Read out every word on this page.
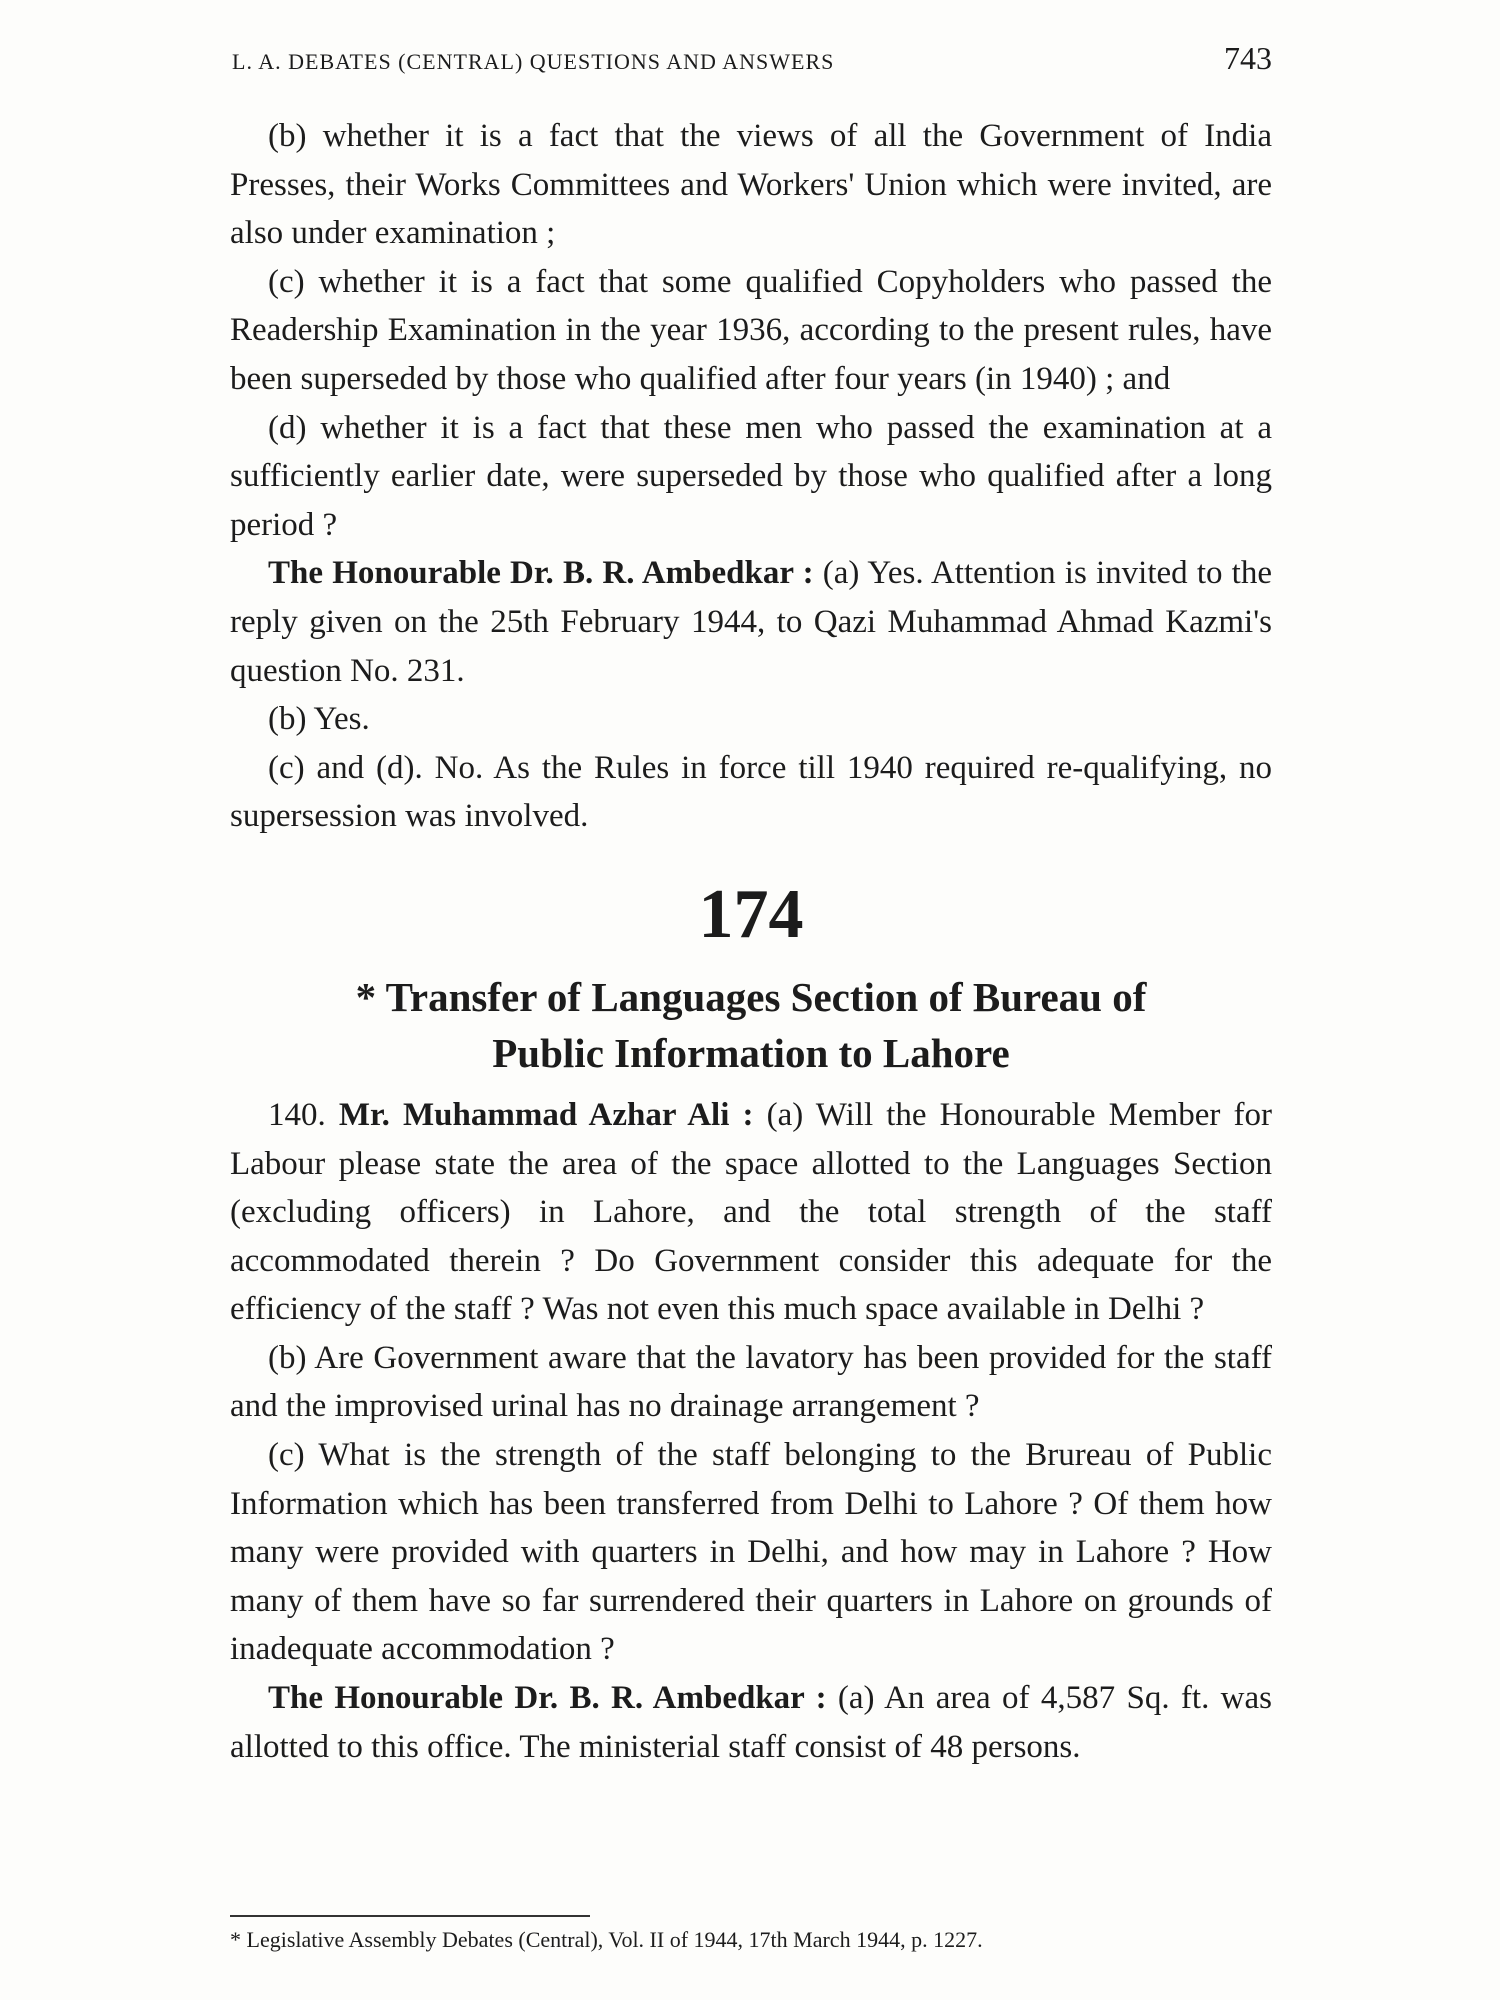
L. A. DEBATES (CENTRAL) QUESTIONS AND ANSWERS	743

(b) whether it is a fact that the views of all the Government of India Presses, their Works Committees and Workers' Union which were invited, are also under examination ;

(c) whether it is a fact that some qualified Copyholders who passed the Readership Examination in the year 1936, according to the present rules, have been superseded by those who qualified after four years (in 1940) ; and

(d) whether it is a fact that these men who passed the examination at a sufficiently earlier date, were superseded by those who qualified after a long period ?

The Honourable Dr. B. R. Ambedkar : (a) Yes. Attention is invited to the reply given on the 25th February 1944, to Qazi Muhammad Ahmad Kazmi's question No. 231.

(b) Yes.

(c) and (d). No. As the Rules in force till 1940 required re-qualifying, no supersession was involved.

174
* Transfer of Languages Section of Bureau of
Public Information to Lahore

140. Mr. Muhammad Azhar Ali : (a) Will the Honourable Member for Labour please state the area of the space allotted to the Languages Section (excluding officers) in Lahore, and the total strength of the staff accommodated therein ? Do Government consider this adequate for the efficiency of the staff ? Was not even this much space available in Delhi ?

(b) Are Government aware that the lavatory has been provided for the staff and the improvised urinal has no drainage arrangement ?

(c) What is the strength of the staff belonging to the Brureau of Public Information which has been transferred from Delhi to Lahore ? Of them how many were provided with quarters in Delhi, and how may in Lahore ? How many of them have so far surrendered their quarters in Lahore on grounds of inadequate accommodation ?

The Honourable Dr. B. R. Ambedkar : (a) An area of 4,587 Sq. ft. was allotted to this office. The ministerial staff consist of 48 persons.

* Legislative Assembly Debates (Central), Vol. II of 1944, 17th March 1944, p. 1227.
